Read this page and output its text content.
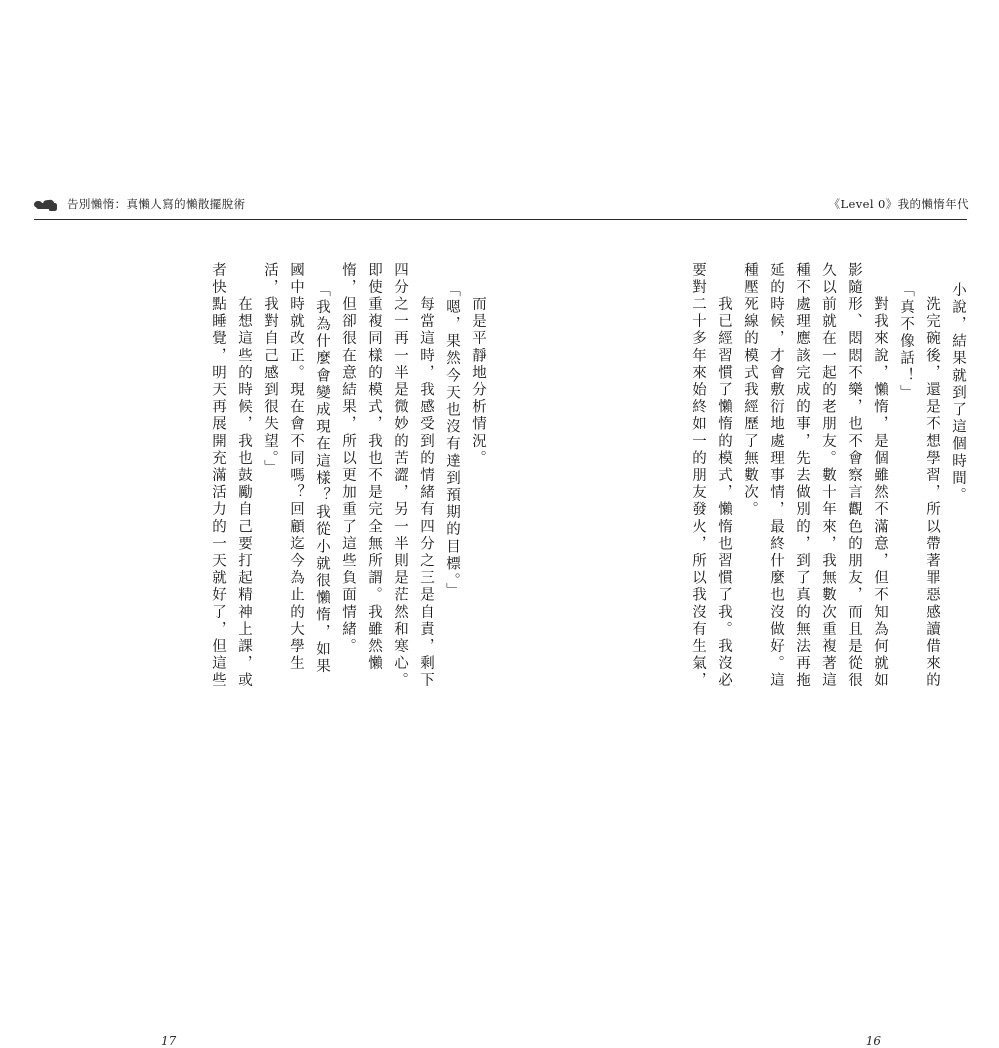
告別懶惰：真懶人寫的懶散擺脫術	《Level 0》我的懶惰年代
小說，結果就到了這個時間。
　　洗完碗後，還是不想學習，所以帶著罪惡感讀借來的
「真不像話！」
　　對我來說，懶惰，是個雖然不滿意，但不知為何就如
影隨形、悶悶不樂，也不會察言觀色的朋友，而且是從很
久以前就在一起的老朋友。數十年來，我無數次重複著這
種不處理應該完成的事，先去做別的，到了真的無法再拖
延的時候，才會敷衍地處理事情，最終什麼也沒做好。這
種壓死線的模式我經歷了無數次。
　　我已經習慣了懶惰的模式，懶惰也習慣了我。我沒必
要對二十多年來始終如一的朋友發火，所以我沒有生氣，
16
　　而是平靜地分析情況。
「嗯，果然今天也沒有達到預期的目標。」
　　每當這時，我感受到的情緒有四分之三是自責，剩下
四分之一再一半是微妙的苦澀，另一半則是茫然和寒心。
即使重複同樣的模式，我也不是完全無所謂。我雖然懶
惰，但卻很在意結果，所以更加重了這些負面情緒。
「我為什麼會變成現在這樣？我從小就很懶惰，如果
國中時就改正。現在會不同嗎？回顧迄今為止的大學生
活，我對自己感到很失望。」
　　在想這些的時候，我也鼓勵自己要打起精神上課，或
者快點睡覺，明天再展開充滿活力的一天就好了，但這些
17
